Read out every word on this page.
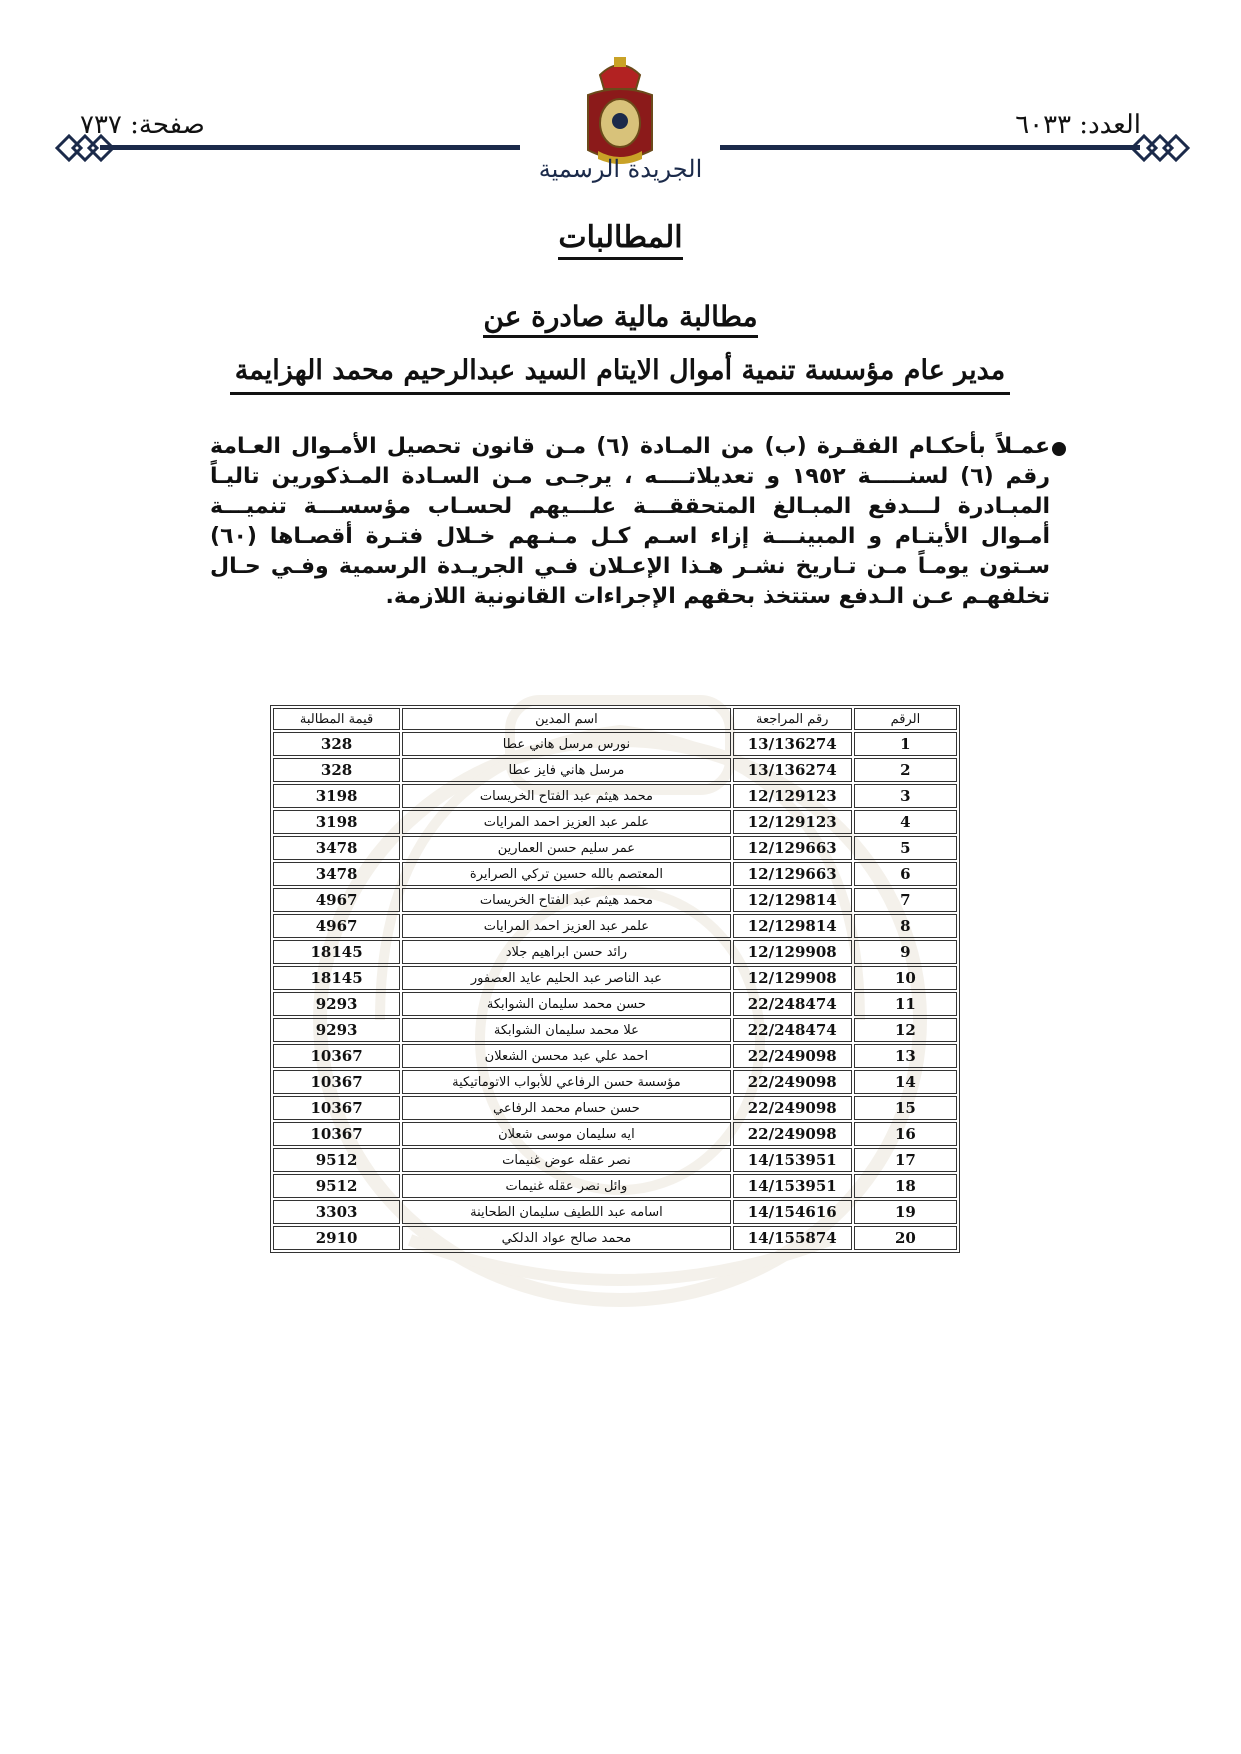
العدد: ٦٠٣٣
صفحة: ٧٣٧
الجريدة الرسمية
المطالبات
مطالبة مالية صادرة عن
مدير عام مؤسسة تنمية أموال الايتام السيد عبدالرحيم محمد الهزايمة
عمـلاً بأحكـام الفقـرة (ب) من المـادة (٦) مـن قانون تحصيل الأمـوال العـامة رقم (٦) لسنـــــة ١٩٥٢ و تعديلاتــــه ، يرجـى مـن السـادة المـذكورين تاليـاً المبـادرة لـــدفع المبـالغ المتحققـــة علـــيهم لحسـاب مؤسســـة تنميـــة أمـوال الأيتـام و المبينـــة إزاء اسـم كـل مـنـهم خـلال فتـرة أقصـاها (٦٠) سـتون يومـاً مـن تـاريخ نشـر هـذا الإعـلان فـي الجريـدة الرسمية وفـي حـال تخلفهـم عـن الـدفع ستتخذ بحقهم الإجراءات القانونية اللازمة.
الرقم	رقم المراجعة	اسم المدين	قيمة المطالبة
1	13/136274	نورس مرسل هاني عطا	328
2	13/136274	مرسل هاني فايز عطا	328
3	12/129123	محمد هيثم عبد الفتاح الخريسات	3198
4	12/129123	علمر عبد العزيز احمد المرايات	3198
5	12/129663	عمر سليم حسن العمارين	3478
6	12/129663	المعتصم بالله حسين تركي الصرايرة	3478
7	12/129814	محمد هيثم عبد الفتاح الخريسات	4967
8	12/129814	علمر عبد العزيز احمد المرايات	4967
9	12/129908	رائد حسن ابراهيم جلاد	18145
10	12/129908	عبد الناصر عبد الحليم عايد العصفور	18145
11	22/248474	حسن محمد سليمان الشوابكة	9293
12	22/248474	علا محمد سليمان الشوابكة	9293
13	22/249098	احمد علي عبد محسن الشعلان	10367
14	22/249098	مؤسسة حسن الرفاعي للأبواب الاتوماتيكية	10367
15	22/249098	حسن حسام محمد الرفاعي	10367
16	22/249098	ايه سليمان موسى شعلان	10367
17	14/153951	نصر عقله عوض غنيمات	9512
18	14/153951	وائل نصر عقله غنيمات	9512
19	14/154616	اسامه عبد اللطيف سليمان الطحاينة	3303
20	14/155874	محمد صالح عواد الدلكي	2910
